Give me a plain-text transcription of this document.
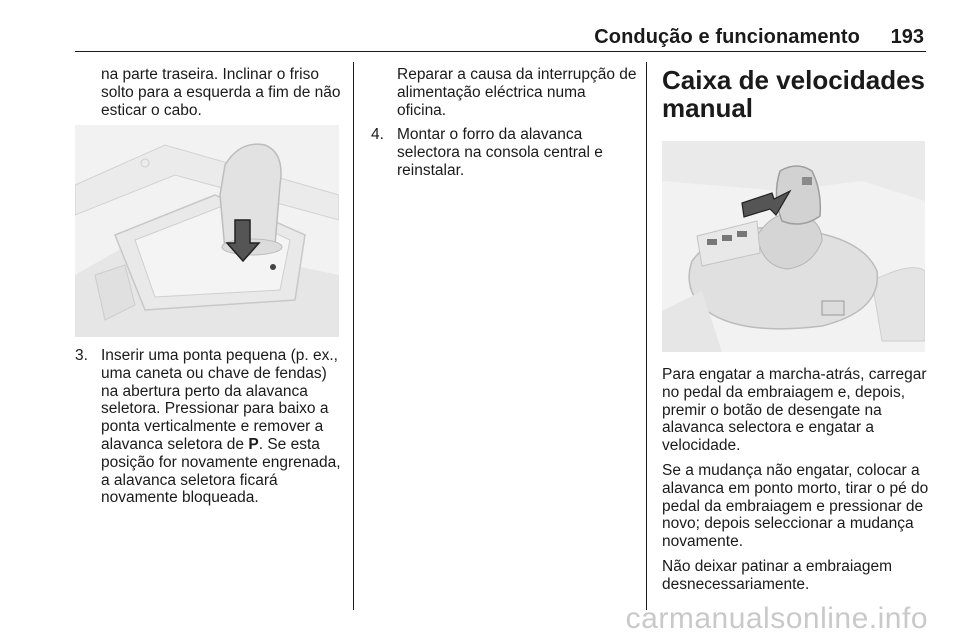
Condução e funcionamento 193

na parte traseira. Inclinar o friso solto para a esquerda a fim de não esticar o cabo.

3. Inserir uma ponta pequena (p. ex., uma caneta ou chave de fendas) na abertura perto da alavanca seletora. Pressionar para baixo a ponta verticalmente e remover a alavanca seletora de P. Se esta posição for novamente engrenada, a alavanca seletora ficará novamente bloqueada.

Reparar a causa da interrupção de alimentação eléctrica numa oficina.

4. Montar o forro da alavanca selectora na consola central e reinstalar.

Caixa de velocidades manual

Para engatar a marcha-atrás, carregar no pedal da embraiagem e, depois, premir o botão de desengate na alavanca selectora e engatar a velocidade.

Se a mudança não engatar, colocar a alavanca em ponto morto, tirar o pé do pedal da embraiagem e pressionar de novo; depois seleccionar a mudança novamente.

Não deixar patinar a embraiagem desnecessariamente.

carmanualsonline.info
